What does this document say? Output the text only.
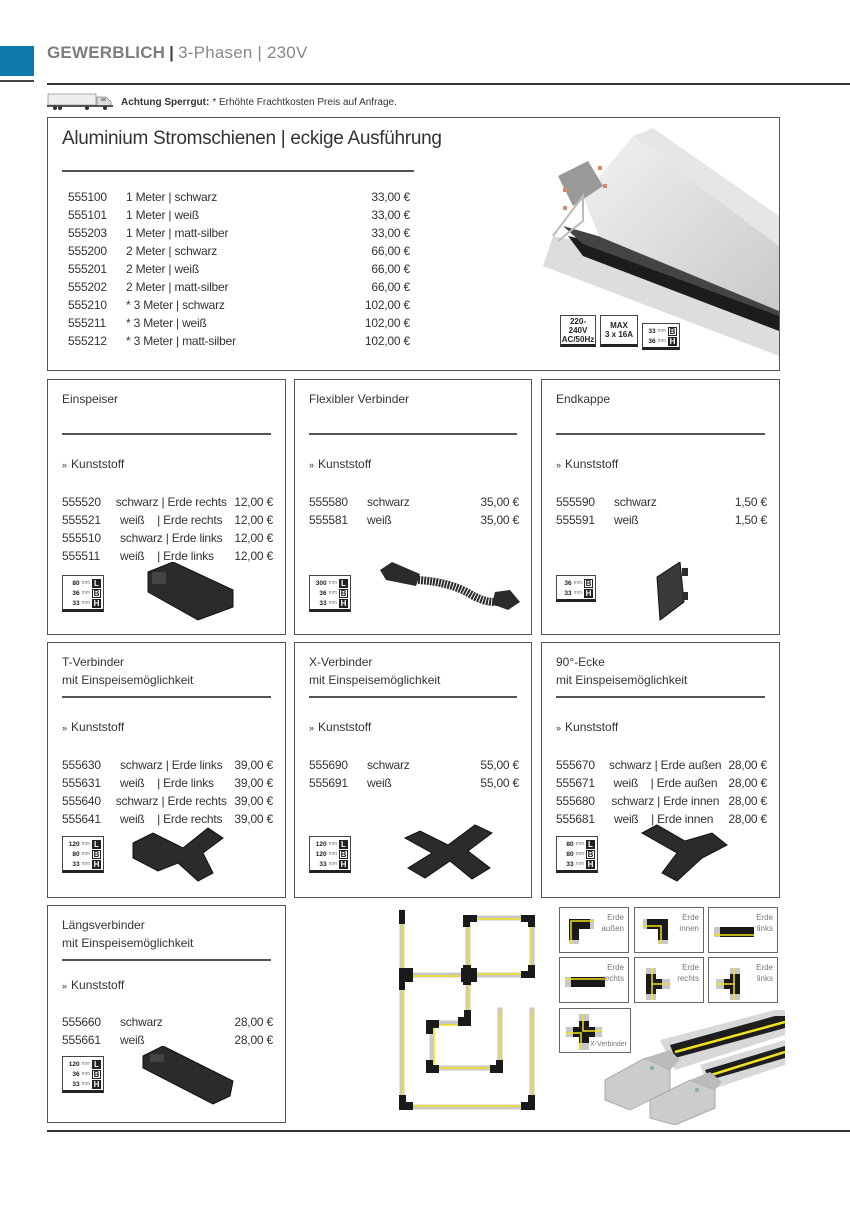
GEWERBLICH | 3-Phasen | 230V
Achtung Sperrgut: * Erhöhte Frachtkosten Preis auf Anfrage.
Aluminium Stromschienen | eckige Ausführung
555100	1 Meter | schwarz	33,00 €
555101	1 Meter | weiß	33,00 €
555203	1 Meter | matt-silber	33,00 €
555200	2 Meter | schwarz	66,00 €
555201	2 Meter | weiß	66,00 €
555202	2 Meter | matt-silber	66,00 €
555210	* 3 Meter | schwarz	102,00 €
555211	* 3 Meter | weiß	102,00 €
555212	* 3 Meter | matt-silber	102,00 €
220-240V
AC/50Hz
MAX
3 x 16A	33 mm B
36 mm H
Einspeiser
» Kunststoff
555520	schwarz | Erde rechts 12,00 €
555521	weiß    | Erde rechts	12,00 €
555510	schwarz | Erde links 12,00 €
555511	weiß    | Erde links	12,00 €
80 mm L
36 mm B
33 mm H
Flexibler Verbinder
» Kunststoff
555580	schwarz	35,00 €
555581	weiß	35,00 €
300 mm L
36 mm B
33 mm H
Endkappe
» Kunststoff
555590	schwarz	1,50 €
555591	weiß	1,50 €
36 mm B
33 mm H
T-Verbinder
mit Einspeisemöglichkeit
» Kunststoff
555630	schwarz | Erde links 39,00 €
555631	weiß    | Erde links	39,00 €
555640	schwarz | Erde rechts 39,00 €
555641	weiß    | Erde rechts	39,00 €
120 mm L
80 mm B
33 mm H
X-Verbinder
mit Einspeisemöglichkeit
» Kunststoff
555690	schwarz	55,00 €
555691	weiß	55,00 €
120 mm L
120 mm B
33 mm H
90°-Ecke
mit Einspeisemöglichkeit
» Kunststoff
555670	schwarz | Erde außen 28,00 €
555671	weiß    | Erde außen 28,00 €
555680	schwarz | Erde innen 28,00 €
555681	weiß    | Erde innen	28,00 €
80 mm L
80 mm B
33 mm H
Längsverbinder
mit Einspeisemöglichkeit
» Kunststoff
555660	schwarz	28,00 €
555661	weiß	28,00 €
120 mm L
36 mm B
33 mm H
Erde
außen
Erde
innen
Erde
links
Erde
rechts
Erde
rechts
Erde
links
X-Verbinder
